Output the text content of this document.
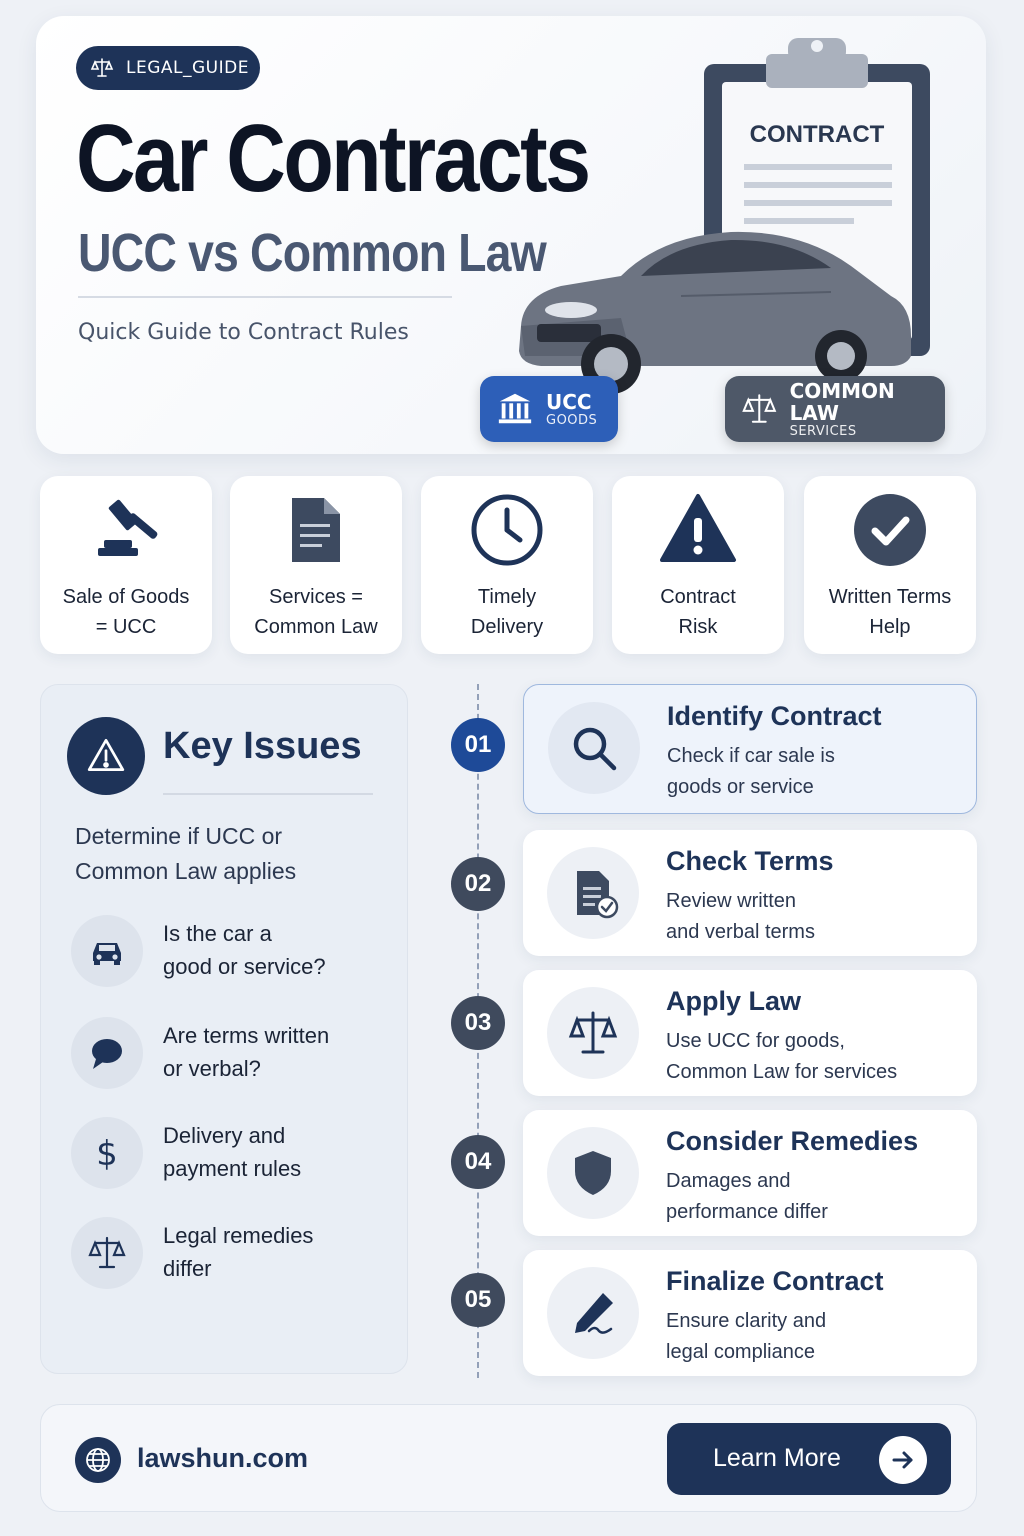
LEGAL_GUIDE
Car Contracts
UCC vs Common Law
Quick Guide to Contract Rules
CONTRACT
UCC
GOODS
COMMON LAW
SERVICES
Sale of Goods
= UCC
Services =
Common Law
Timely
Delivery
Contract
Risk
Written Terms
Help
Key Issues
Determine if UCC or
Common Law applies
Is the car a
good or service?
Are terms written
or verbal?
$ Delivery and
payment rules
Legal remedies
differ
01
Identify Contract
Check if car sale is
goods or service
02
Check Terms
Review written
and verbal terms
03
Apply Law
Use UCC for goods,
Common Law for services
04
Consider Remedies
Damages and
performance differ
05
Finalize Contract
Ensure clarity and
legal compliance
lawshun.com	Learn More
